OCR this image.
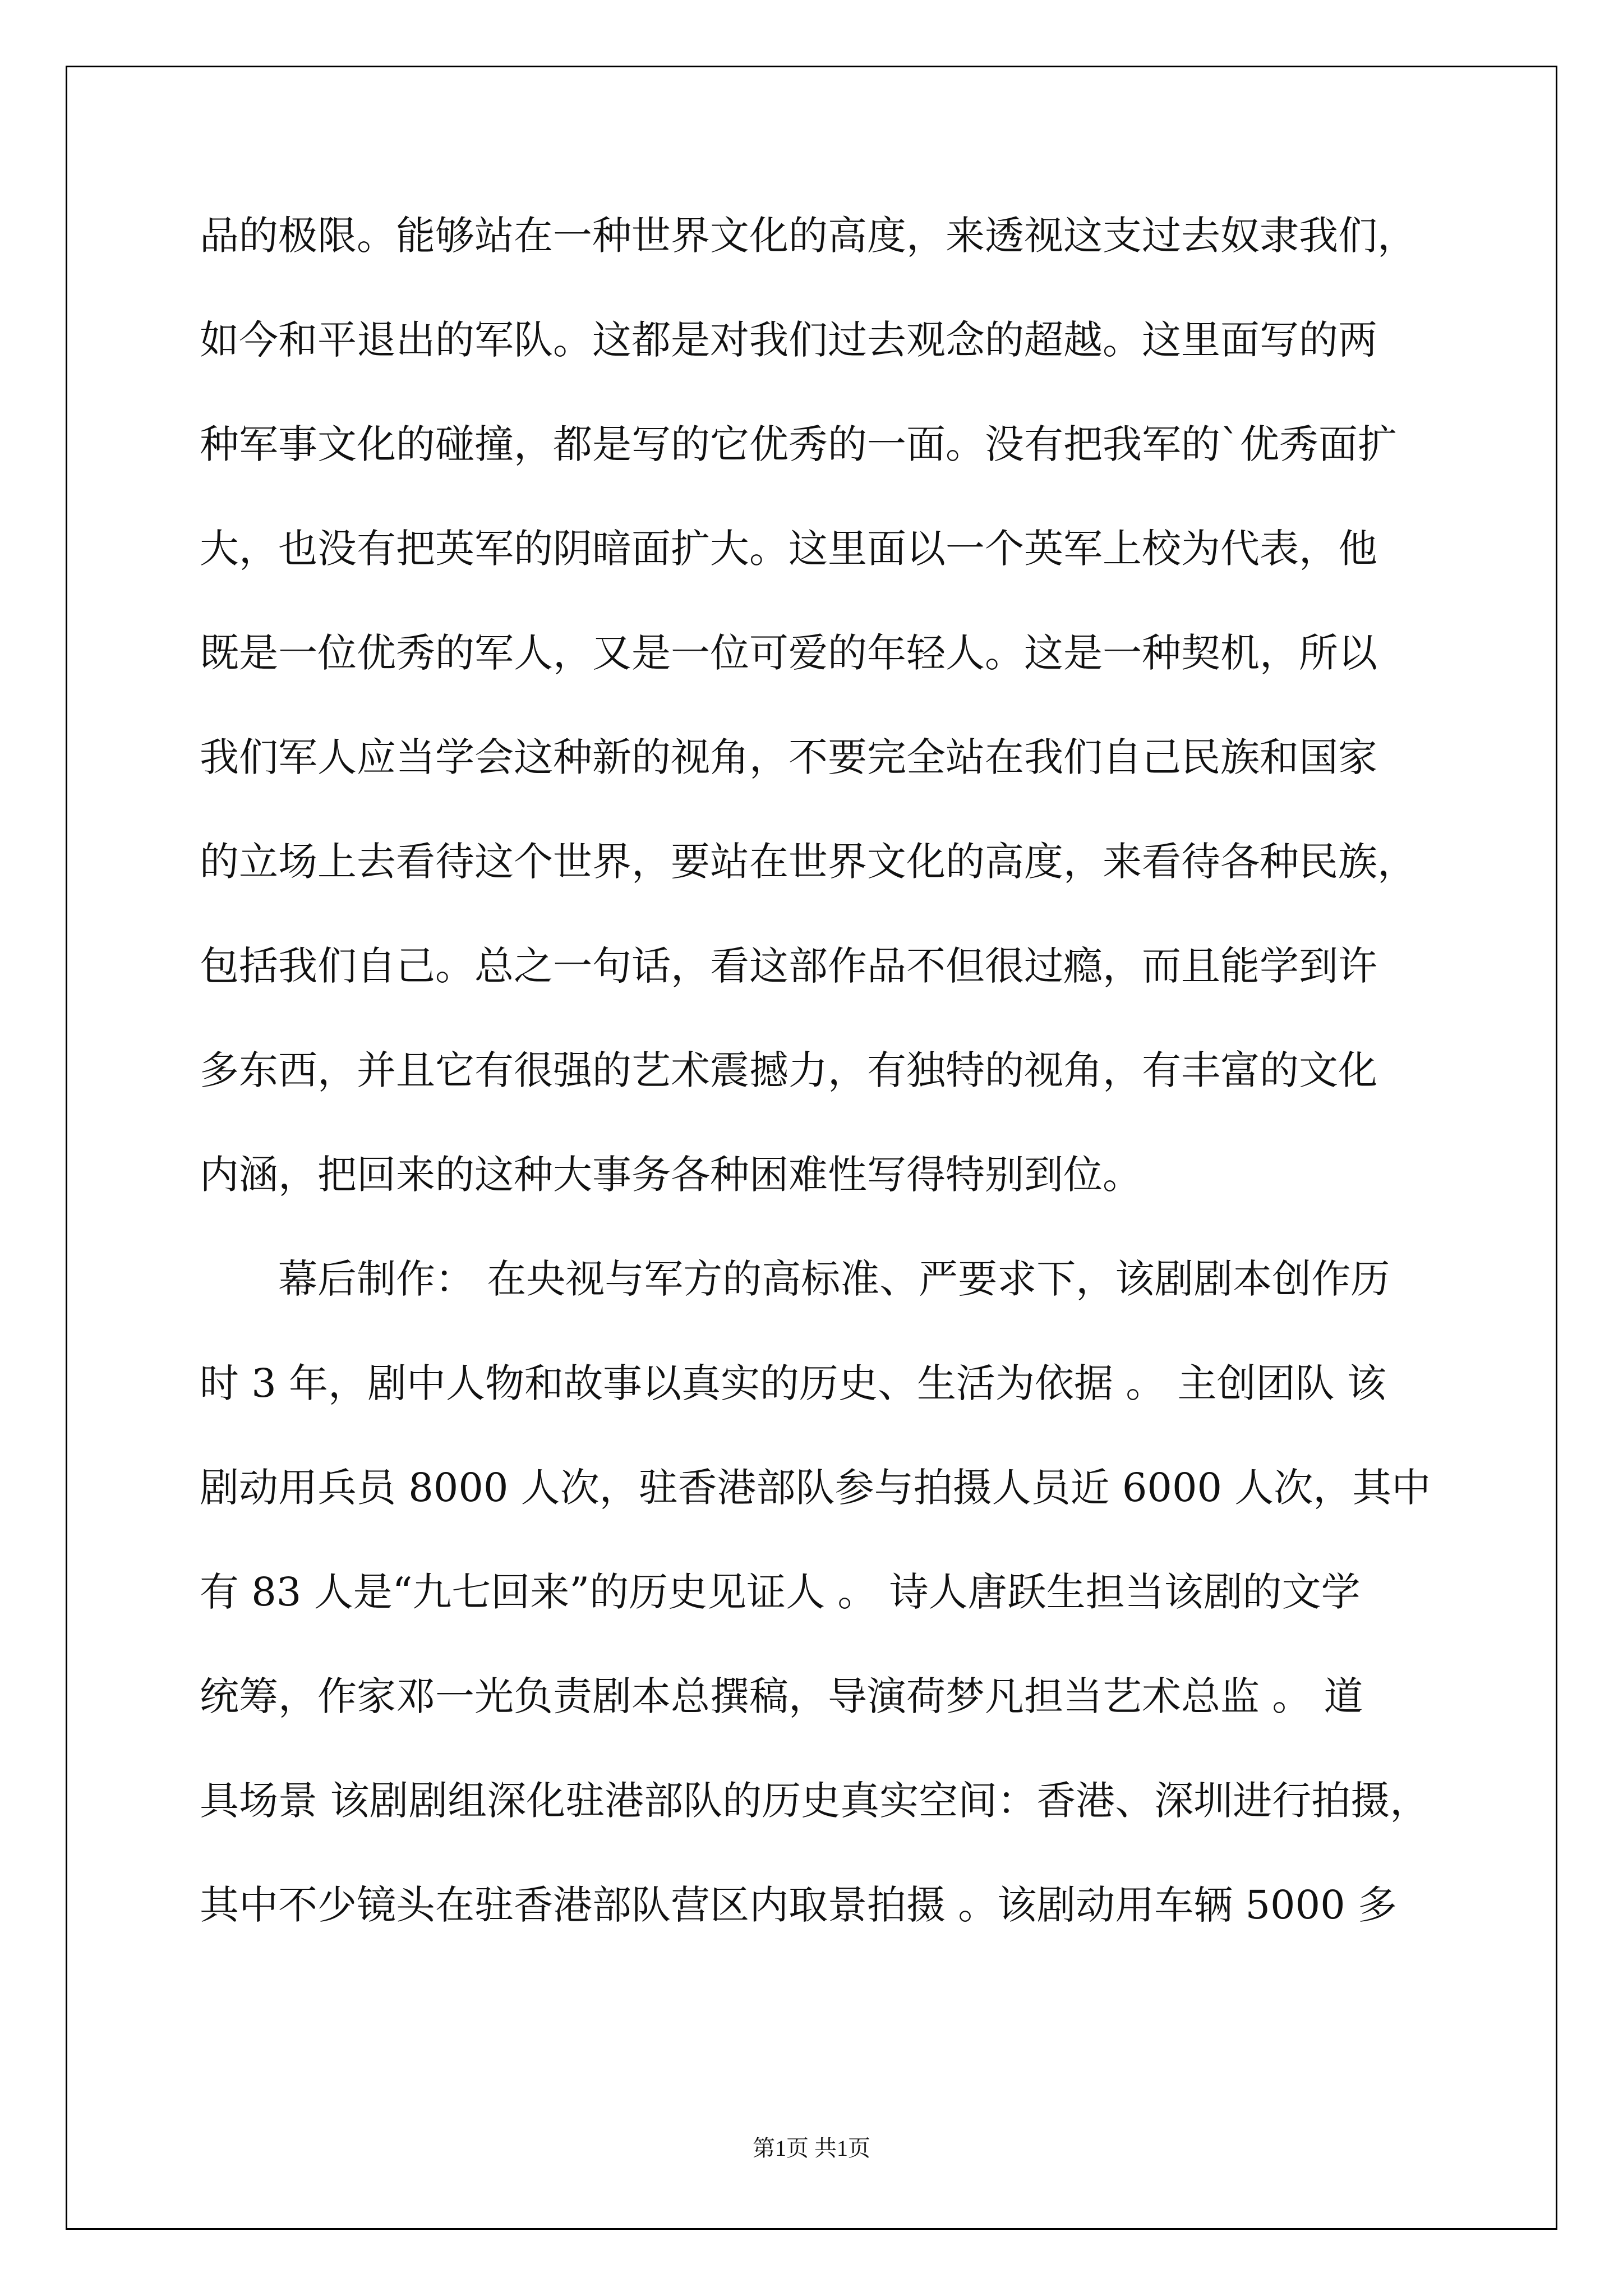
品的极限。能够站在一种世界文化的高度，来透视这支过去奴隶我们，
如今和平退出的军队。这都是对我们过去观念的超越。这里面写的两
种军事文化的碰撞，都是写的它优秀的一面。没有把我军的`优秀面扩
大，也没有把英军的阴暗面扩大。这里面以一个英军上校为代表，他
既是一位优秀的军人，又是一位可爱的年轻人。这是一种契机，所以
我们军人应当学会这种新的视角，不要完全站在我们自己民族和国家
的立场上去看待这个世界，要站在世界文化的高度，来看待各种民族，
包括我们自己。总之一句话，看这部作品不但很过瘾，而且能学到许
多东西，并且它有很强的艺术震撼力，有独特的视角，有丰富的文化
内涵，把回来的这种大事务各种困难性写得特别到位。
　　幕后制作： 在央视与军方的高标准、严要求下，该剧剧本创作历
时 3 年，剧中人物和故事以真实的历史、生活为依据 。 主创团队 该
剧动用兵员 8000 人次，驻香港部队参与拍摄人员近 6000 人次，其中
有 83 人是“九七回来”的历史见证人 。 诗人唐跃生担当该剧的文学
统筹，作家邓一光负责剧本总撰稿，导演荷梦凡担当艺术总监 。 道
具场景 该剧剧组深化驻港部队的历史真实空间：香港、深圳进行拍摄，
其中不少镜头在驻香港部队营区内取景拍摄 。该剧动用车辆 5000 多
第1页 共1页
